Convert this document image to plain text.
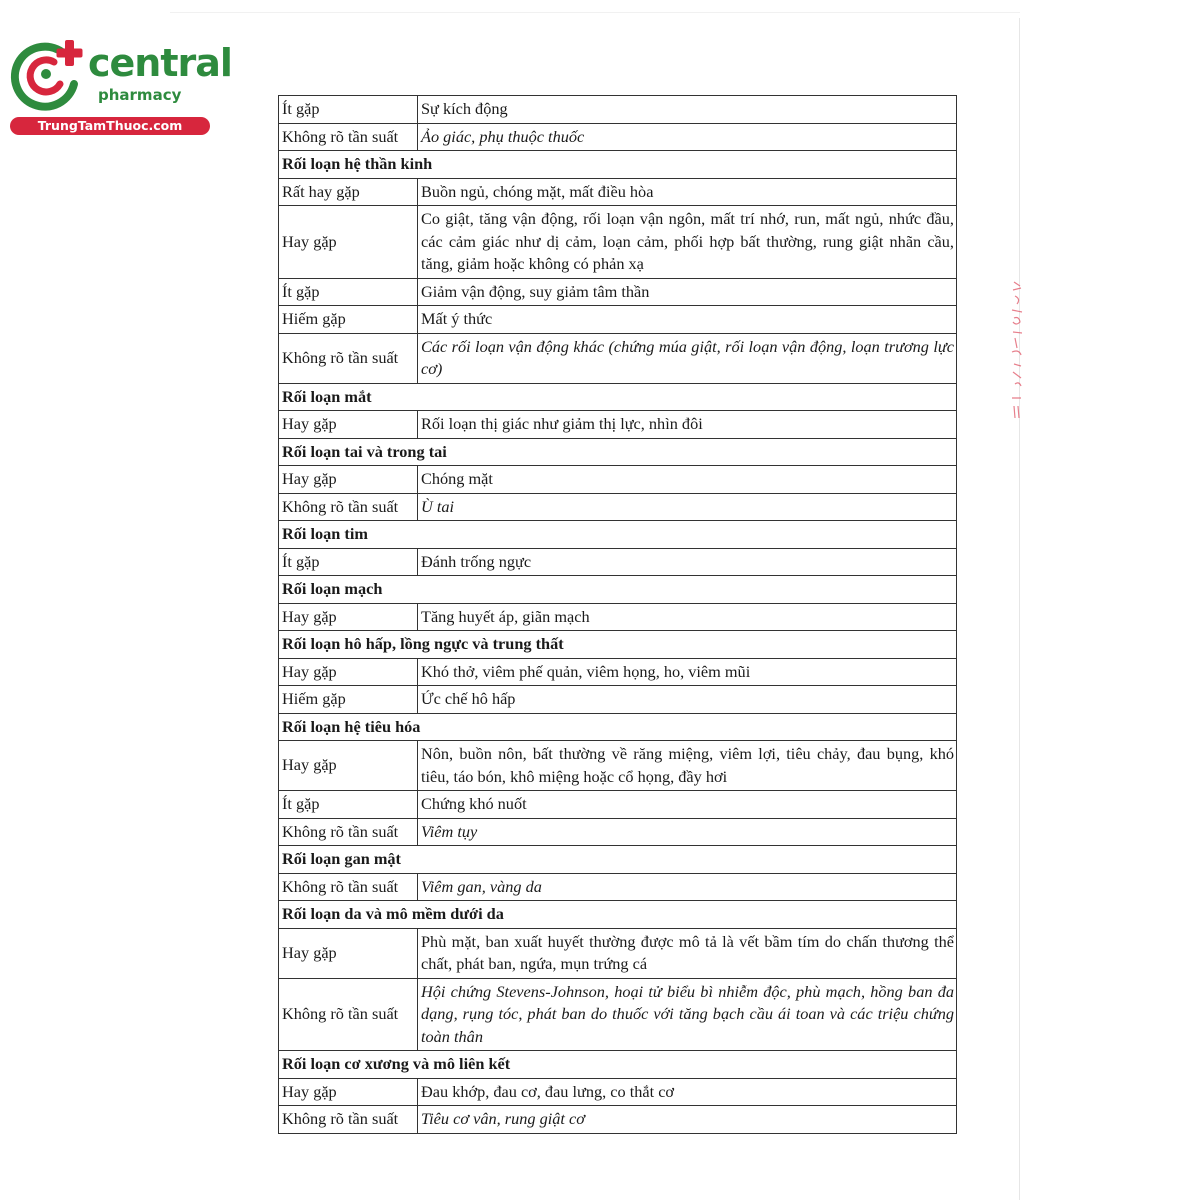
central
pharmacy
TrungTamThuoc.com
Ít gặp	Sự kích động
Không rõ tần suất	Ảo giác, phụ thuộc thuốc
Rối loạn hệ thần kinh	
Rất hay gặp	Buồn ngủ, chóng mặt, mất điều hòa
Hay gặp	Co giật, tăng vận động, rối loạn vận ngôn, mất trí nhớ, run, mất ngủ, nhức đầu, các cảm giác như dị cảm, loạn cảm, phối hợp bất thường, rung giật nhãn cầu, tăng, giảm hoặc không có phản xạ
Ít gặp	Giảm vận động, suy giảm tâm thần
Hiếm gặp	Mất ý thức
Không rõ tần suất	Các rối loạn vận động khác (chứng múa giật, rối loạn vận động, loạn trương lực cơ)
Rối loạn mắt	
Hay gặp	Rối loạn thị giác như giảm thị lực, nhìn đôi
Rối loạn tai và trong tai	
Hay gặp	Chóng mặt
Không rõ tần suất	Ù tai
Rối loạn tim	
Ít gặp	Đánh trống ngực
Rối loạn mạch	
Hay gặp	Tăng huyết áp, giãn mạch
Rối loạn hô hấp, lồng ngực và trung thất	
Hay gặp	Khó thở, viêm phế quản, viêm họng, ho, viêm mũi
Hiếm gặp	Ức chế hô hấp
Rối loạn hệ tiêu hóa	
Hay gặp	Nôn, buồn nôn, bất thường về răng miệng, viêm lợi, tiêu chảy, đau bụng, khó tiêu, táo bón, khô miệng hoặc cổ họng, đầy hơi
Ít gặp	Chứng khó nuốt
Không rõ tần suất	Viêm tụy
Rối loạn gan mật	
Không rõ tần suất	Viêm gan, vàng da
Rối loạn da và mô mềm dưới da	
Hay gặp	Phù mặt, ban xuất huyết thường được mô tả là vết bầm tím do chấn thương thể chất, phát ban, ngứa, mụn trứng cá
Không rõ tần suất	Hội chứng Stevens-Johnson, hoại tử biểu bì nhiễm độc, phù mạch, hồng ban đa dạng, rụng tóc, phát ban do thuốc với tăng bạch cầu ái toan và các triệu chứng toàn thân
Rối loạn cơ xương và mô liên kết	
Hay gặp	Đau khớp, đau cơ, đau lưng, co thắt cơ
Không rõ tần suất	Tiêu cơ vân, rung giật cơ
